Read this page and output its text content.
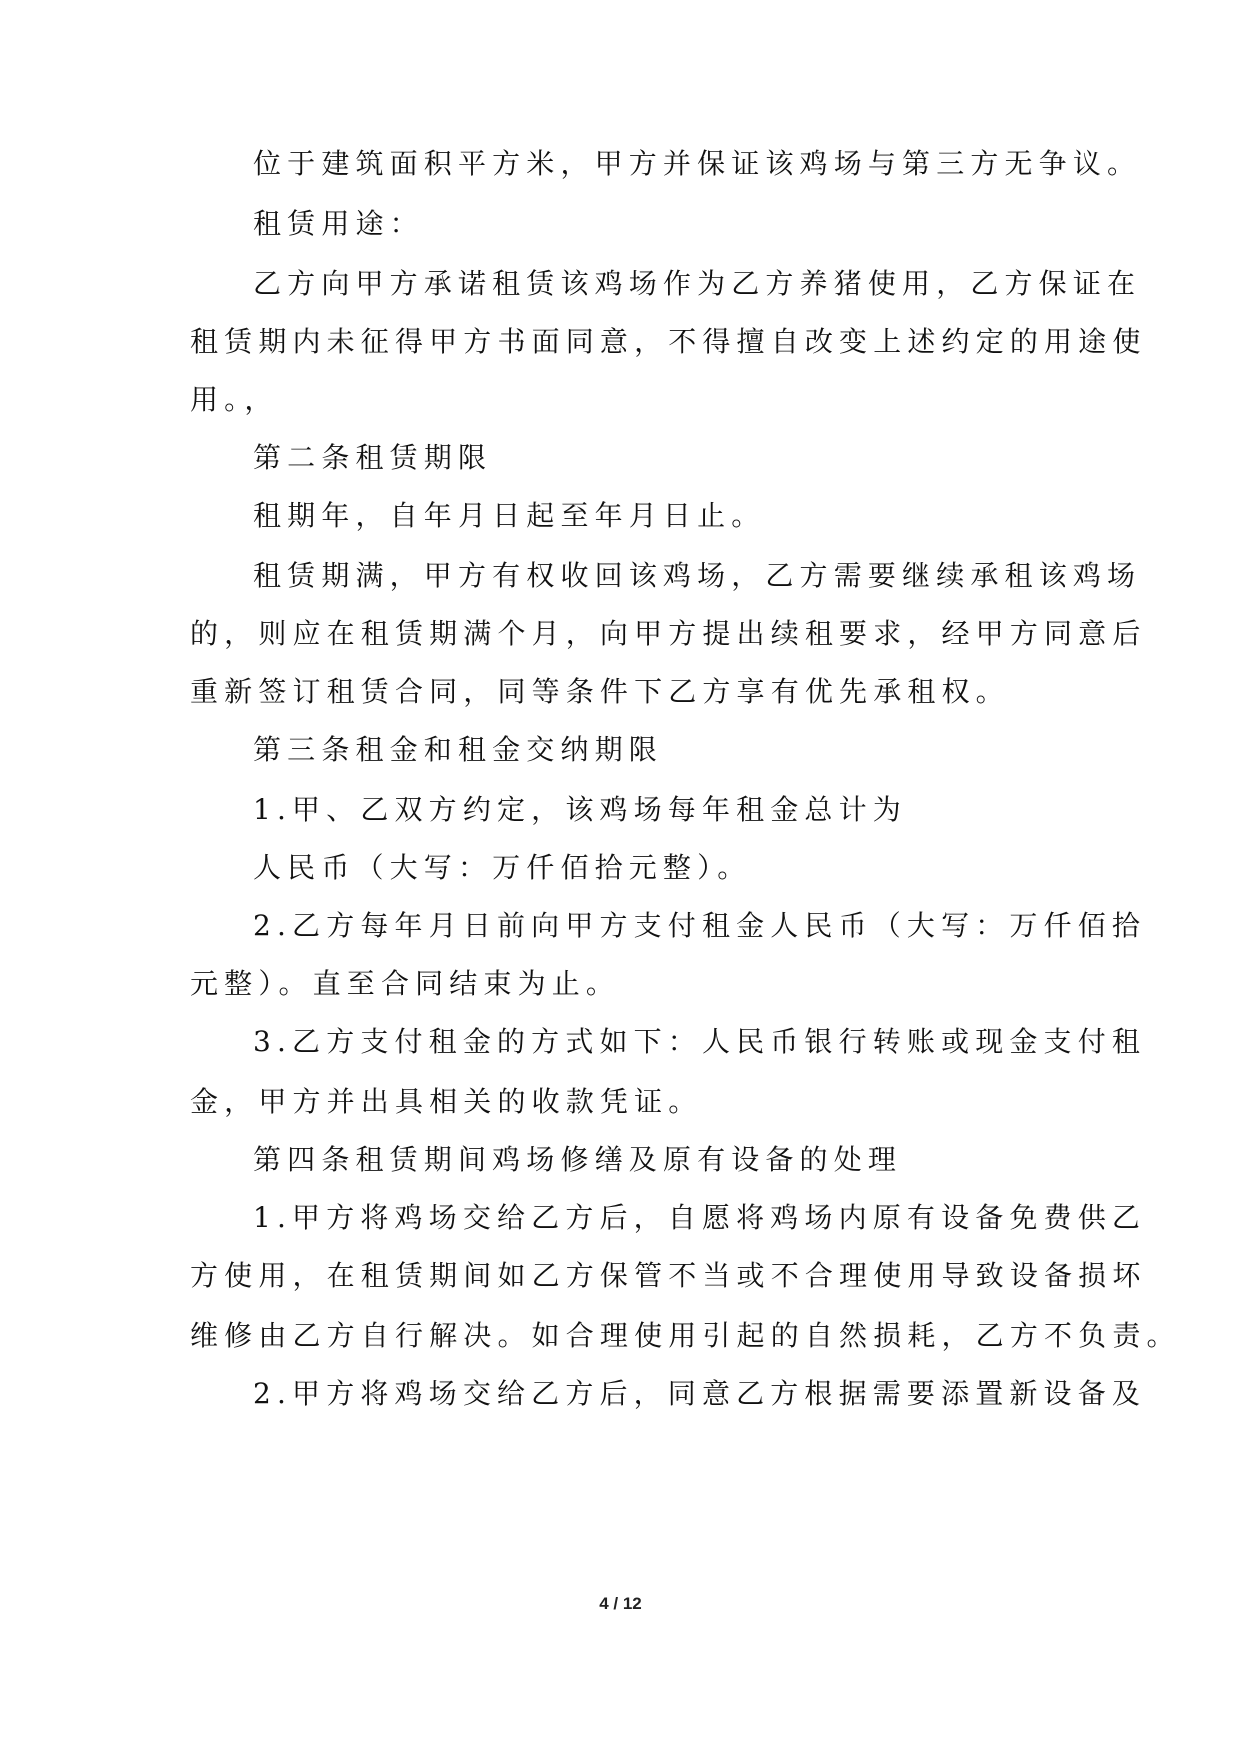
位于建筑面积平方米，甲方并保证该鸡场与第三方无争议。
租赁用途：
乙方向甲方承诺租赁该鸡场作为乙方养猪使用，乙方保证在
租赁期内未征得甲方书面同意，不得擅自改变上述约定的用途使
用。，
第二条租赁期限
租期年，自年月日起至年月日止。
租赁期满，甲方有权收回该鸡场，乙方需要继续承租该鸡场
的，则应在租赁期满个月，向甲方提出续租要求，经甲方同意后
重新签订租赁合同，同等条件下乙方享有优先承租权。
第三条租金和租金交纳期限
1.甲、乙双方约定，该鸡场每年租金总计为
人民币（大写：万仟佰拾元整）。
2.乙方每年月日前向甲方支付租金人民币（大写：万仟佰拾
元整）。直至合同结束为止。
3.乙方支付租金的方式如下：人民币银行转账或现金支付租
金，甲方并出具相关的收款凭证。
第四条租赁期间鸡场修缮及原有设备的处理
1.甲方将鸡场交给乙方后，自愿将鸡场内原有设备免费供乙
方使用，在租赁期间如乙方保管不当或不合理使用导致设备损坏
维修由乙方自行解决。如合理使用引起的自然损耗，乙方不负责。
2.甲方将鸡场交给乙方后，同意乙方根据需要添置新设备及
4 / 12
